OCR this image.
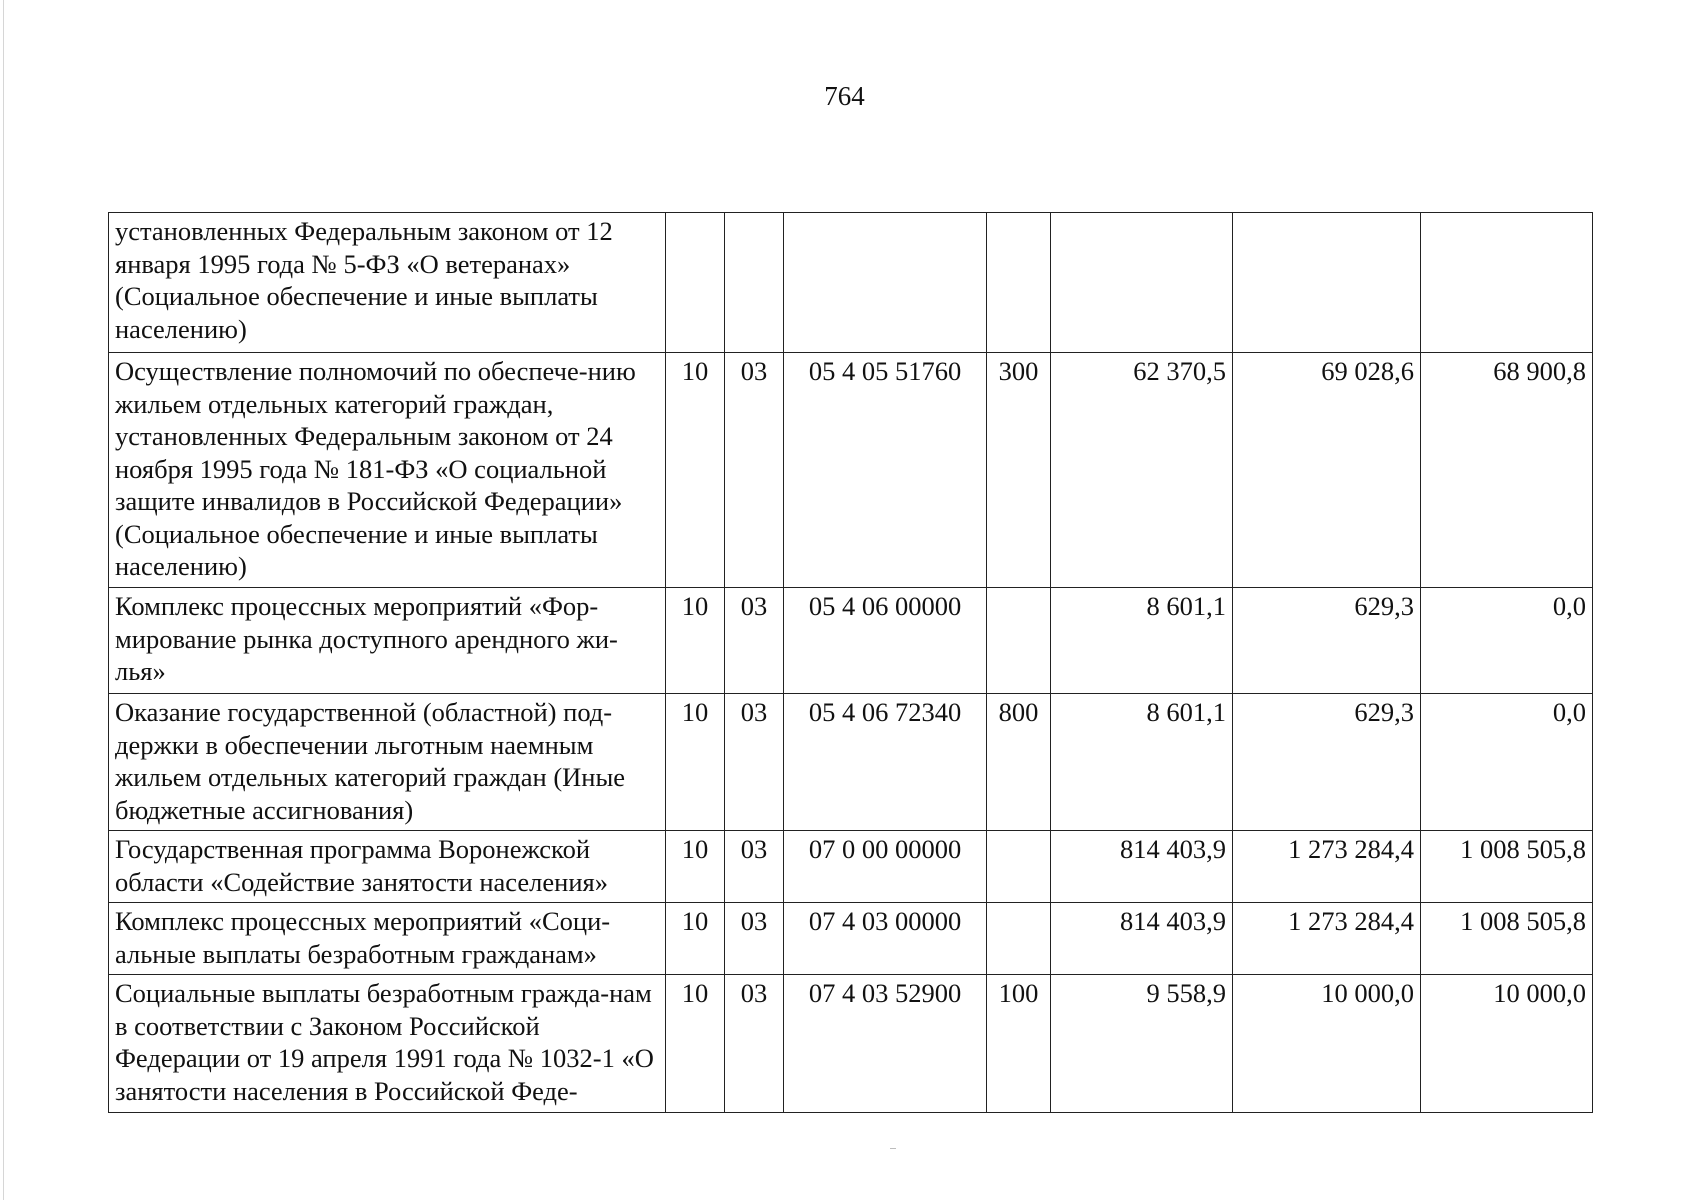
764
установленных Федеральным законом от 12 января 1995 года № 5-ФЗ «О ветеранах» (Социальное обеспечение и иные выплаты населению)							
Осуществление полномочий по обеспече-нию жильем отдельных категорий граждан, установленных Федеральным законом от 24 ноября 1995 года № 181-ФЗ «О социальной защите инвалидов в Российской Федерации» (Социальное обеспечение и иные выплаты населению)	10	03	05 4 05 51760	300	62 370,5	69 028,6	68 900,8
Комплекс процессных мероприятий «Фор-мирование рынка доступного арендного жи-лья»	10	03	05 4 06 00000		8 601,1	629,3	0,0
Оказание государственной (областной) под-держки в обеспечении льготным наемным жильем отдельных категорий граждан (Иные бюджетные ассигнования)	10	03	05 4 06 72340	800	8 601,1	629,3	0,0
Государственная программа Воронежской области «Содействие занятости населения»	10	03	07 0 00 00000		814 403,9	1 273 284,4	1 008 505,8
Комплекс процессных мероприятий «Соци-альные выплаты безработным гражданам»	10	03	07 4 03 00000		814 403,9	1 273 284,4	1 008 505,8
Социальные выплаты безработным гражда-нам в соответствии с Законом Российской Федерации от 19 апреля 1991 года № 1032-1 «О занятости населения в Российской Феде-	10	03	07 4 03 52900	100	9 558,9	10 000,0	10 000,0
